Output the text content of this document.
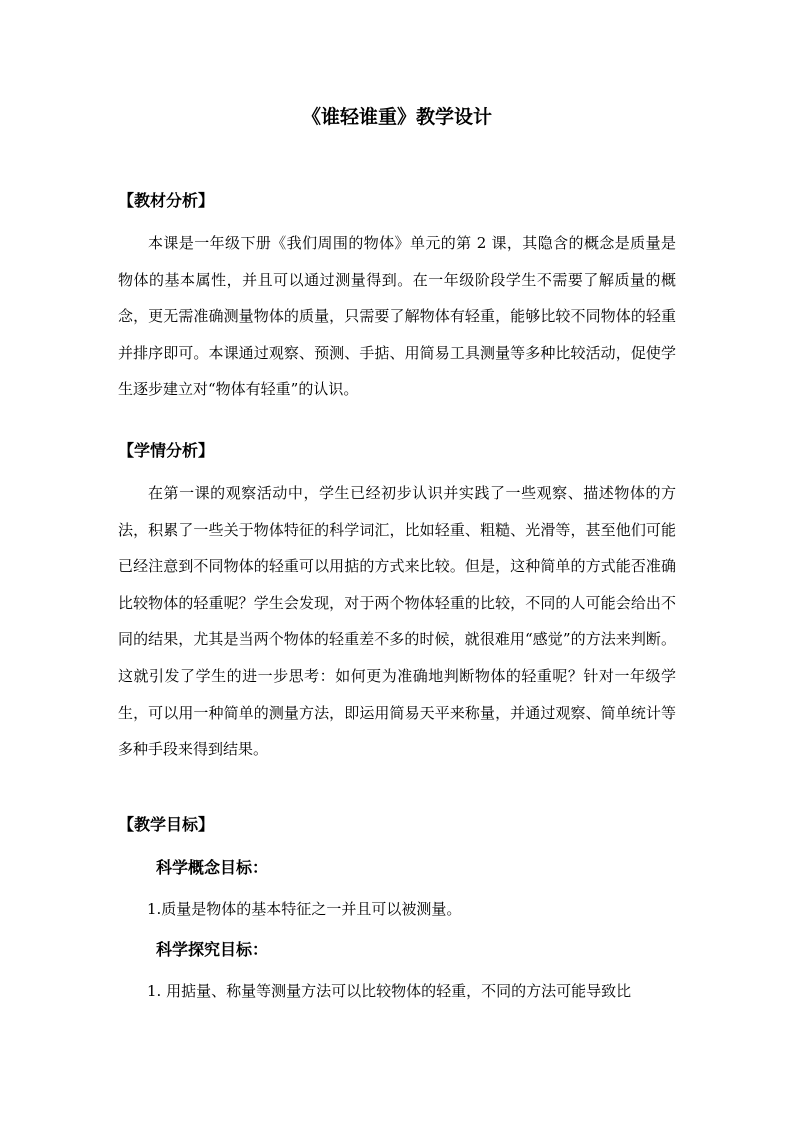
《谁轻谁重》教学设计
【教材分析】

本课是一年级下册《我们周围的物体》单元的第 2 课，其隐含的概念是质量是物体的基本属性，并且可以通过测量得到。在一年级阶段学生不需要了解质量的概念，更无需准确测量物体的质量，只需要了解物体有轻重，能够比较不同物体的轻重并排序即可。本课通过观察、预测、手掂、用简易工具测量等多种比较活动，促使学生逐步建立对“物体有轻重”的认识。

【学情分析】

在第一课的观察活动中，学生已经初步认识并实践了一些观察、描述物体的方法，积累了一些关于物体特征的科学词汇，比如轻重、粗糙、光滑等，甚至他们可能已经注意到不同物体的轻重可以用掂的方式来比较。但是，这种简单的方式能否准确比较物体的轻重呢？学生会发现，对于两个物体轻重的比较，不同的人可能会给出不同的结果，尤其是当两个物体的轻重差不多的时候，就很难用“感觉”的方法来判断。这就引发了学生的进一步思考：如何更为准确地判断物体的轻重呢？针对一年级学生，可以用一种简单的测量方法，即运用简易天平来称量，并通过观察、简单统计等多种手段来得到结果。

【教学目标】
科学概念目标：

1.质量是物体的基本特征之一并且可以被测量。

科学探究目标：

1. 用掂量、称量等测量方法可以比较物体的轻重，不同的方法可能导致比
